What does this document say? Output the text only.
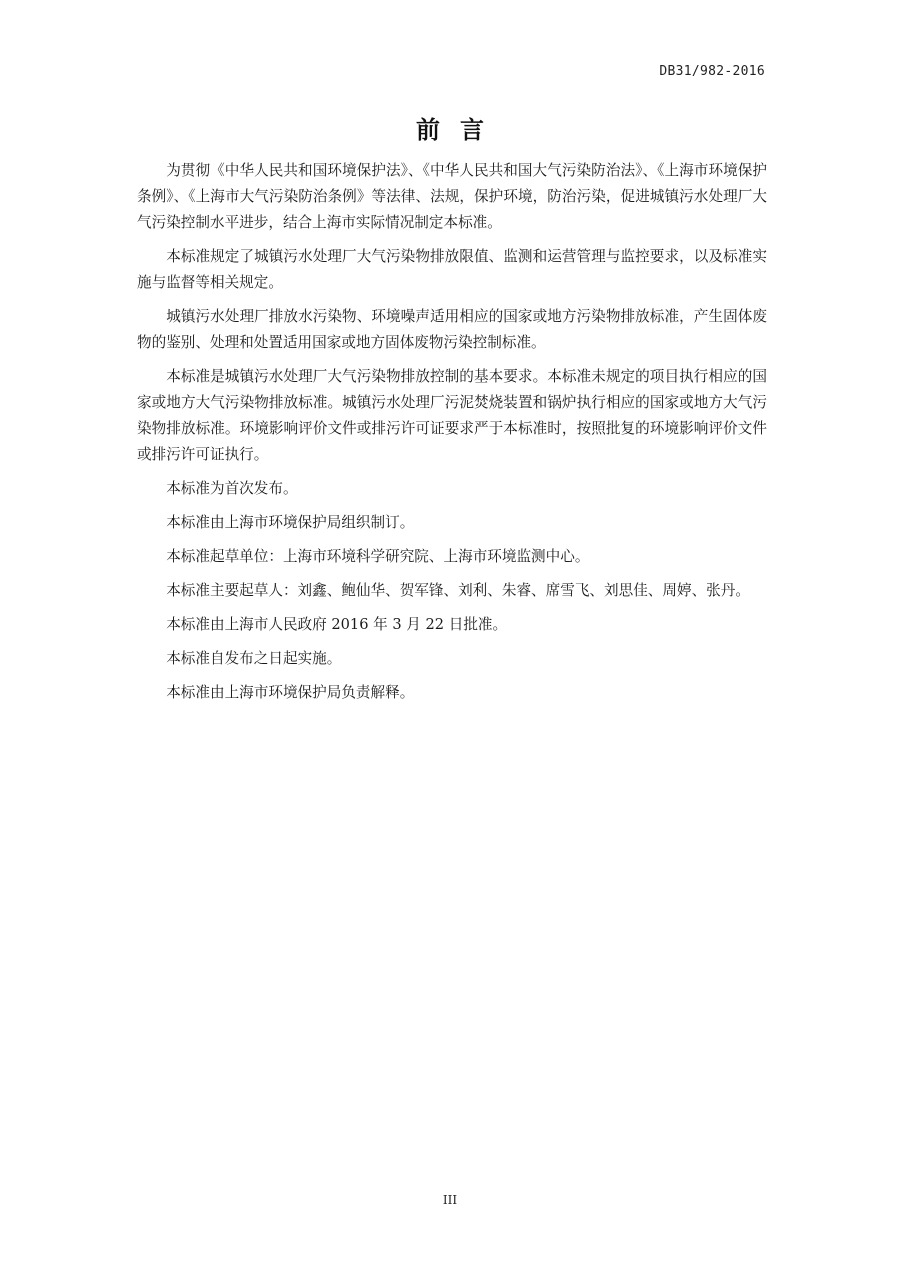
DB31/982-2016
前言

为贯彻《中华人民共和国环境保护法》、《中华人民共和国大气污染防治法》、《上海市环境保护条例》、《上海市大气污染防治条例》等法律、法规，保护环境，防治污染，促进城镇污水处理厂大气污染控制水平进步，结合上海市实际情况制定本标准。

本标准规定了城镇污水处理厂大气污染物排放限值、监测和运营管理与监控要求，以及标准实施与监督等相关规定。

城镇污水处理厂排放水污染物、环境噪声适用相应的国家或地方污染物排放标准，产生固体废物的鉴别、处理和处置适用国家或地方固体废物污染控制标准。

本标准是城镇污水处理厂大气污染物排放控制的基本要求。本标准未规定的项目执行相应的国家或地方大气污染物排放标准。城镇污水处理厂污泥焚烧装置和锅炉执行相应的国家或地方大气污染物排放标准。环境影响评价文件或排污许可证要求严于本标准时，按照批复的环境影响评价文件或排污许可证执行。

本标准为首次发布。

本标准由上海市环境保护局组织制订。

本标准起草单位：上海市环境科学研究院、上海市环境监测中心。

本标准主要起草人：刘鑫、鲍仙华、贺军锋、刘利、朱睿、席雪飞、刘思佳、周婷、张丹。

本标准由上海市人民政府 2016 年 3 月 22 日批准。

本标准自发布之日起实施。

本标准由上海市环境保护局负责解释。

III
